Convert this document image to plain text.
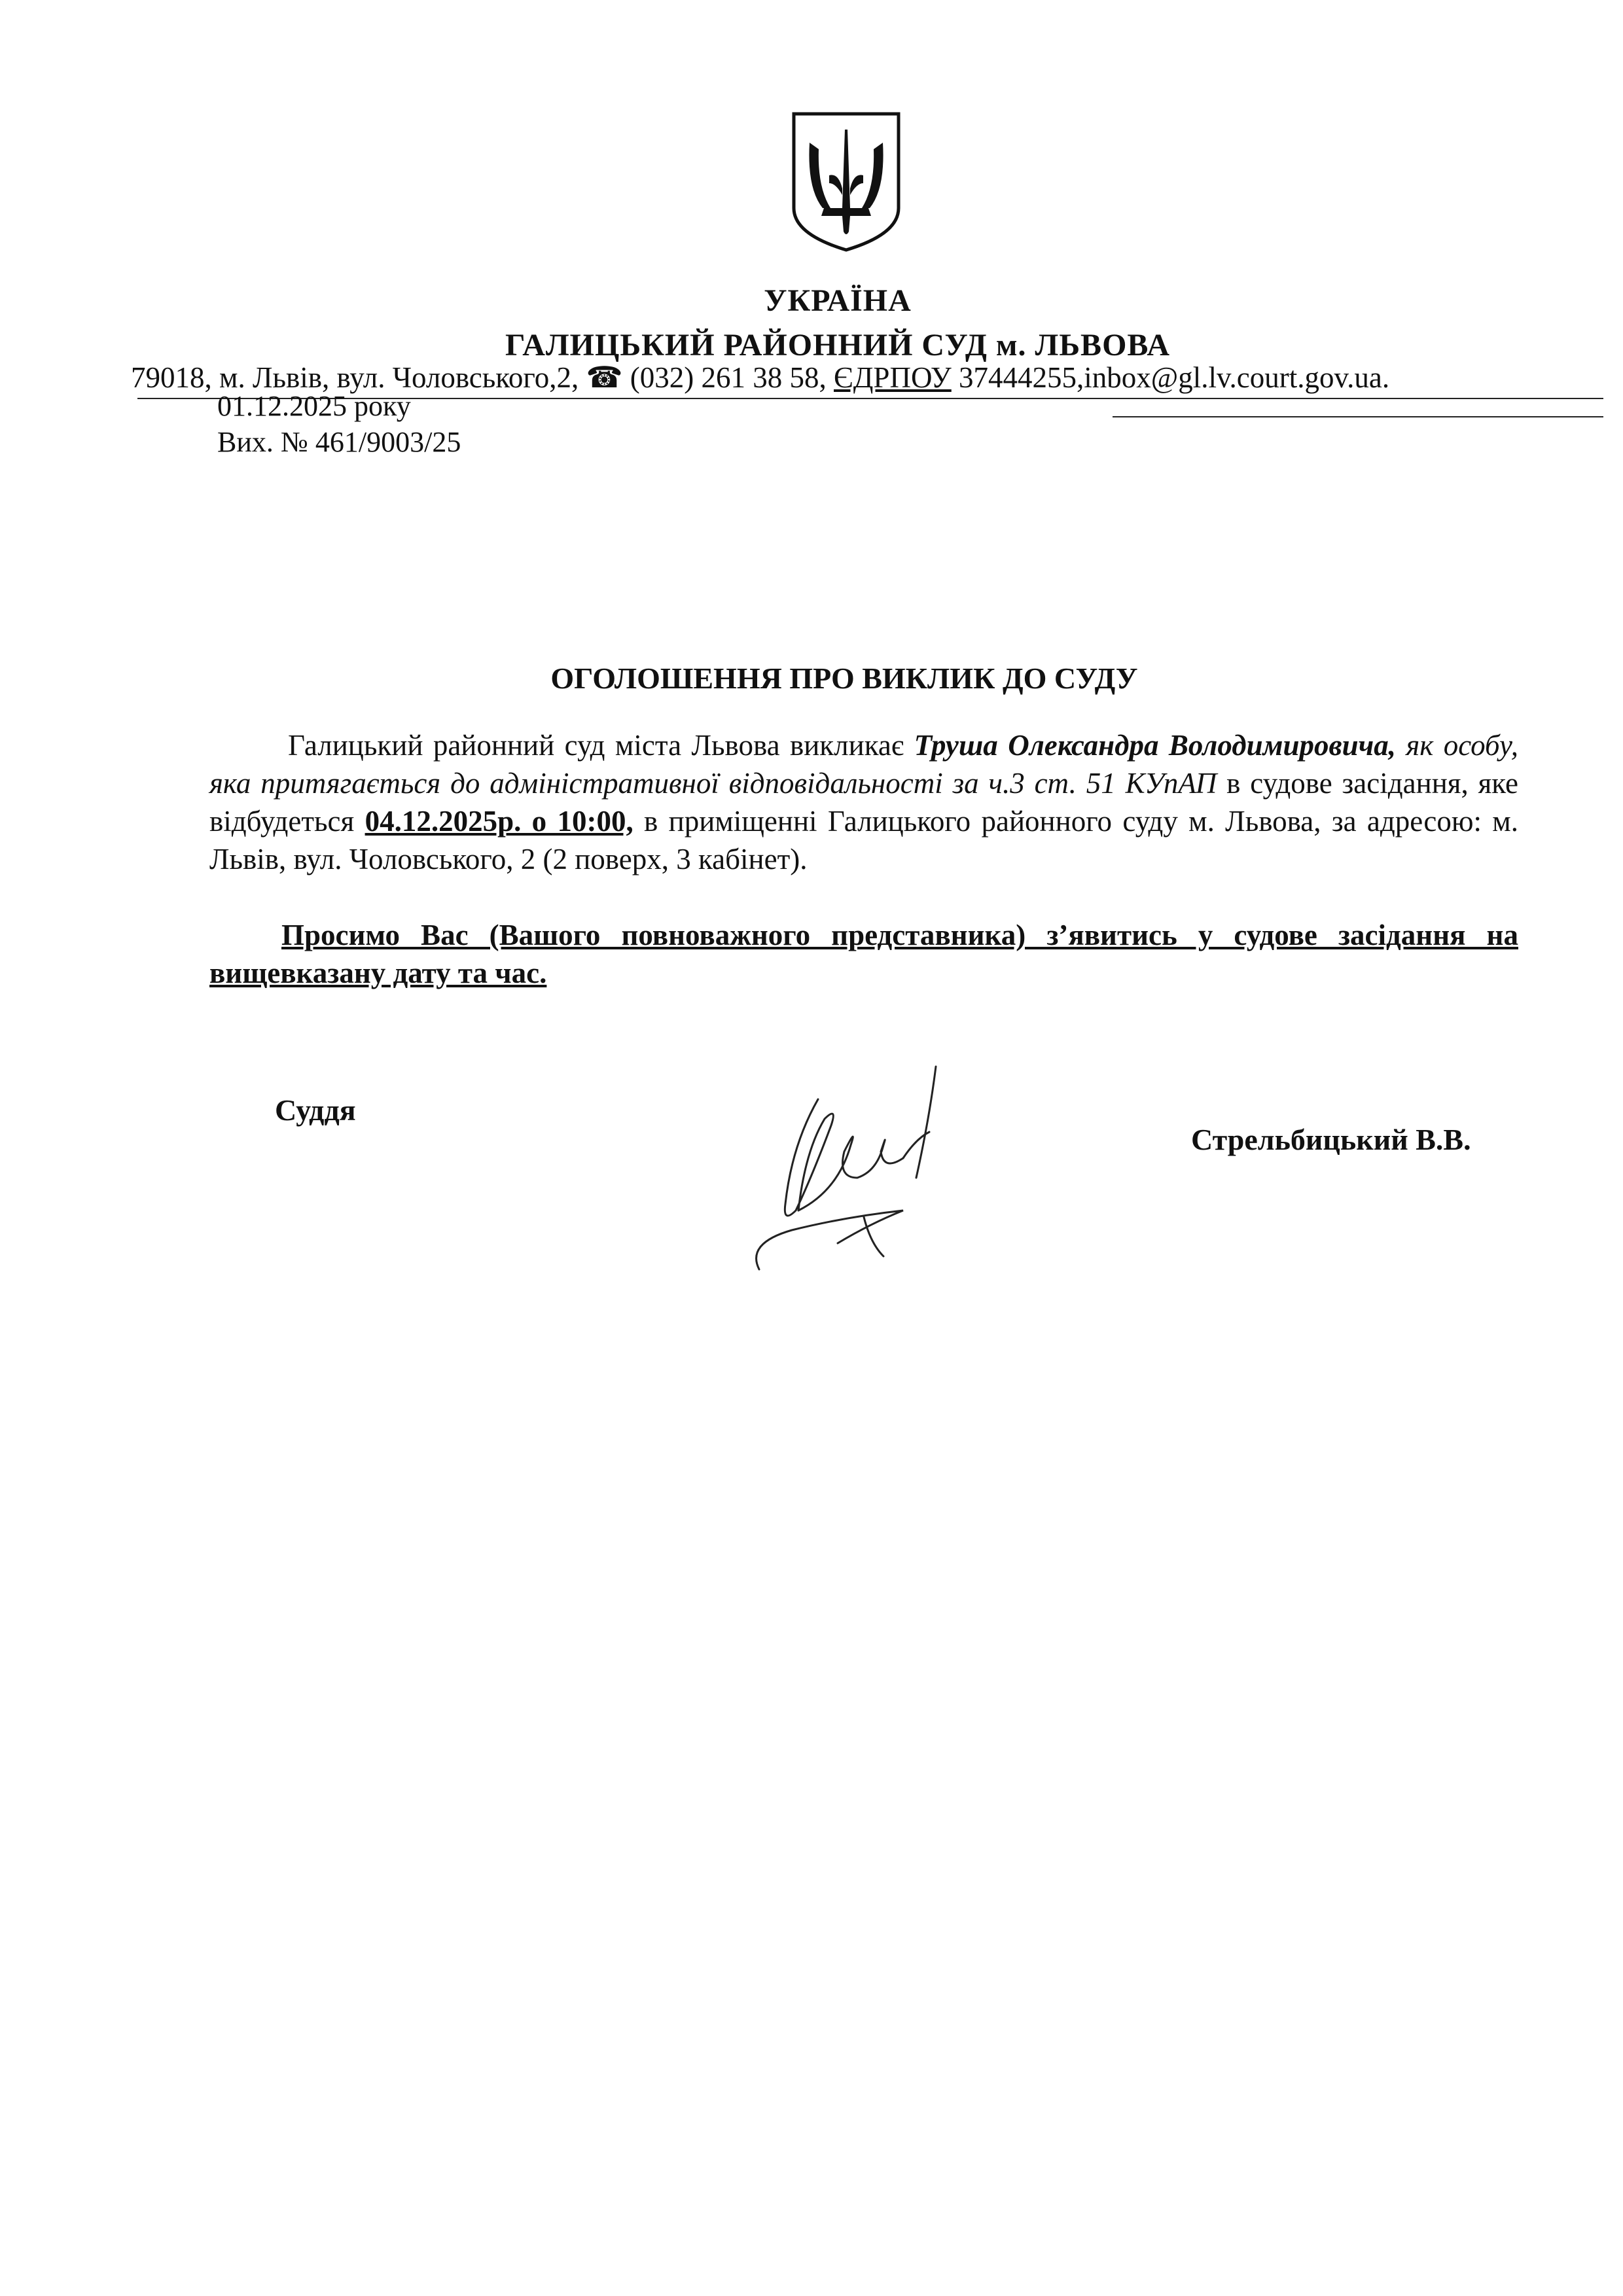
УКРАЇНА
ГАЛИЦЬКИЙ РАЙОННИЙ СУД м. ЛЬВОВА
79018, м. Львів, вул. Чоловського,2, ☎ (032) 261 38 58, ЄДРПОУ 37444255,inbox@gl.lv.court.gov.ua.
01.12.2025 року
Вих. № 461/9003/25
ОГОЛОШЕННЯ ПРО ВИКЛИК ДО СУДУ
Галицький районний суд міста Львова викликає Труша Олександра Володимировича, як особу, яка притягається до адміністративної відповідальності за ч.3 ст. 51 КУпАП в судове засідання, яке відбудеться 04.12.2025р. о 10:00, в приміщенні Галицького районного суду м. Львова, за адресою: м. Львів, вул. Чоловського, 2 (2 поверх, 3 кабінет).
Просимо Вас (Вашого повноважного представника) з’явитись у судове засідання на вищевказану дату та час.
Суддя
Стрельбицький В.В.
